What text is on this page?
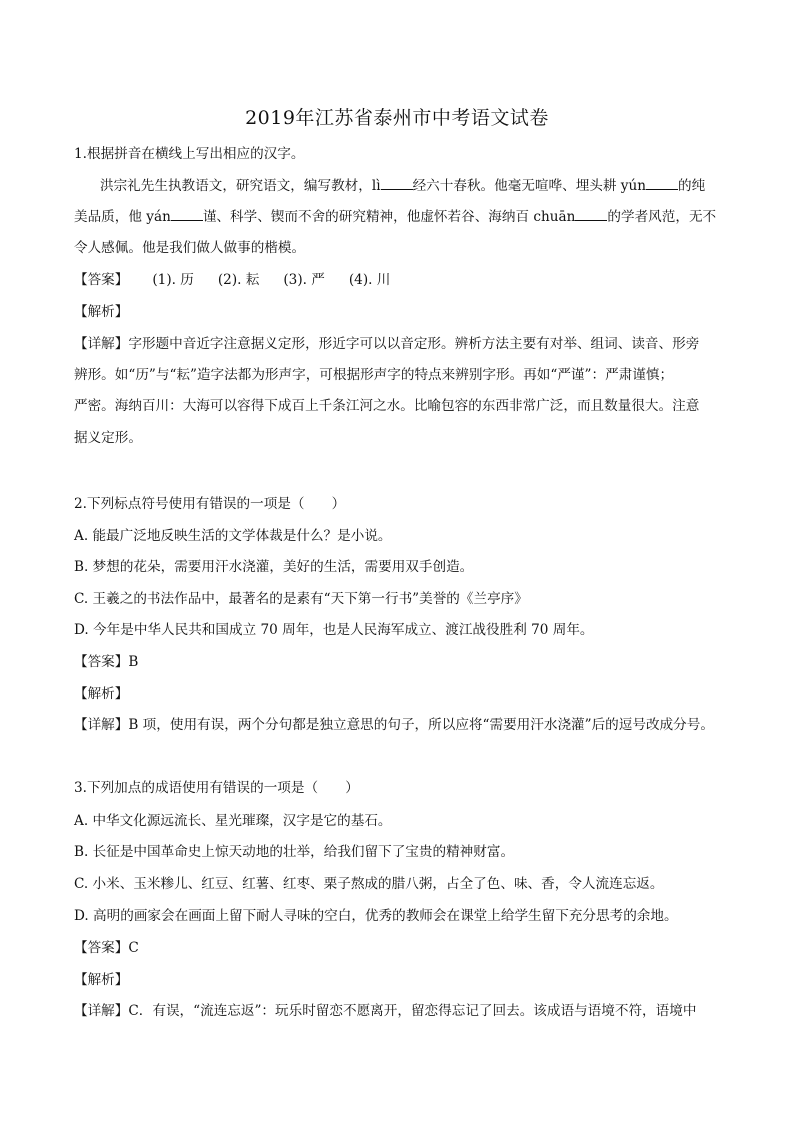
2019年江苏省泰州市中考语文试卷
1.根据拼音在横线上写出相应的汉字。
洪宗礼先生执教语文，研究语文，编写教材，lì 经六十春秋。他毫无喧哗、埋头耕 yún 的纯
美品质，他 yán 谨、科学、锲而不舍的研究精神，他虚怀若谷、海纳百 chuān 的学者风范，无不
令人感佩。他是我们做人做事的楷模。
【答案】 (1). 历 (2). 耘 (3). 严 (4). 川
【解析】
【详解】字形题中音近字注意据义定形，形近字可以以音定形。辨析方法主要有对举、组词、读音、形旁
辨形。如“历”与“耘”造字法都为形声字，可根据形声字的特点来辨别字形。再如“严谨”：严肃谨慎；
严密。海纳百川：大海可以容得下成百上千条江河之水。比喻包容的东西非常广泛，而且数量很大。注意
据义定形。
2.下列标点符号使用有错误的一项是（　　）
A. 能最广泛地反映生活的文学体裁是什么？是小说。
B. 梦想的花朵，需要用汗水浇灌，美好的生活，需要用双手创造。
C. 王羲之的书法作品中，最著名的是素有“天下第一行书”美誉的《兰亭序》
D. 今年是中华人民共和国成立 70 周年，也是人民海军成立、渡江战役胜利 70 周年。
【答案】B
【解析】
【详解】B 项，使用有误，两个分句都是独立意思的句子，所以应将“需要用汗水浇灌”后的逗号改成分号。
3.下列加点的成语使用有错误的一项是（　　）
A. 中华文化源远流长、星光璀璨，汉字是它的基石。
B. 长征是中国革命史上惊天动地的壮举，给我们留下了宝贵的精神财富。
C. 小米、玉米糁儿、红豆、红薯、红枣、栗子熬成的腊八粥，占全了色、味、香，令人流连忘返。
D. 高明的画家会在画面上留下耐人寻味的空白，优秀的教师会在课堂上给学生留下充分思考的余地。
【答案】C
【解析】
【详解】C．有误，“流连忘返”：玩乐时留恋不愿离开，留恋得忘记了回去。该成语与语境不符，语境中
